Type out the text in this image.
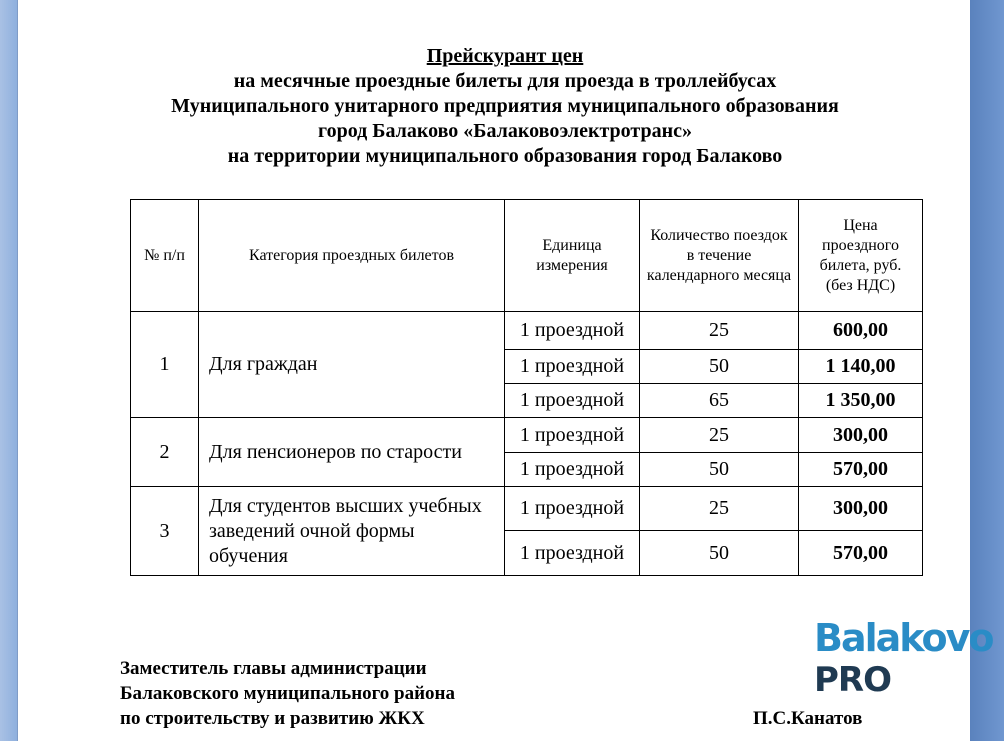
Прейскурант цен
на месячные проездные билеты для проезда в троллейбусах
Муниципального унитарного предприятия муниципального образования
город Балаково «Балаковоэлектротранс»
на территории муниципального образования город Балаково
№ п/п	Категория проездных билетов	Единица измерения	Количество поездок в течение календарного месяца	Цена проездного билета, руб. (без НДС)
1	Для граждан	1 проездной	25	600,00
		1 проездной	50	1 140,00
		1 проездной	65	1 350,00
2	Для пенсионеров по старости	1 проездной	25	300,00
		1 проездной	50	570,00
3	Для студентов высших учебных заведений очной формы обучения	1 проездной	25	300,00
		1 проездной	50	570,00
Заместитель главы администрации
Балаковского муниципального района
по строительству и развитию ЖКХ	П.С.Канатов
Balakovo
PRO
